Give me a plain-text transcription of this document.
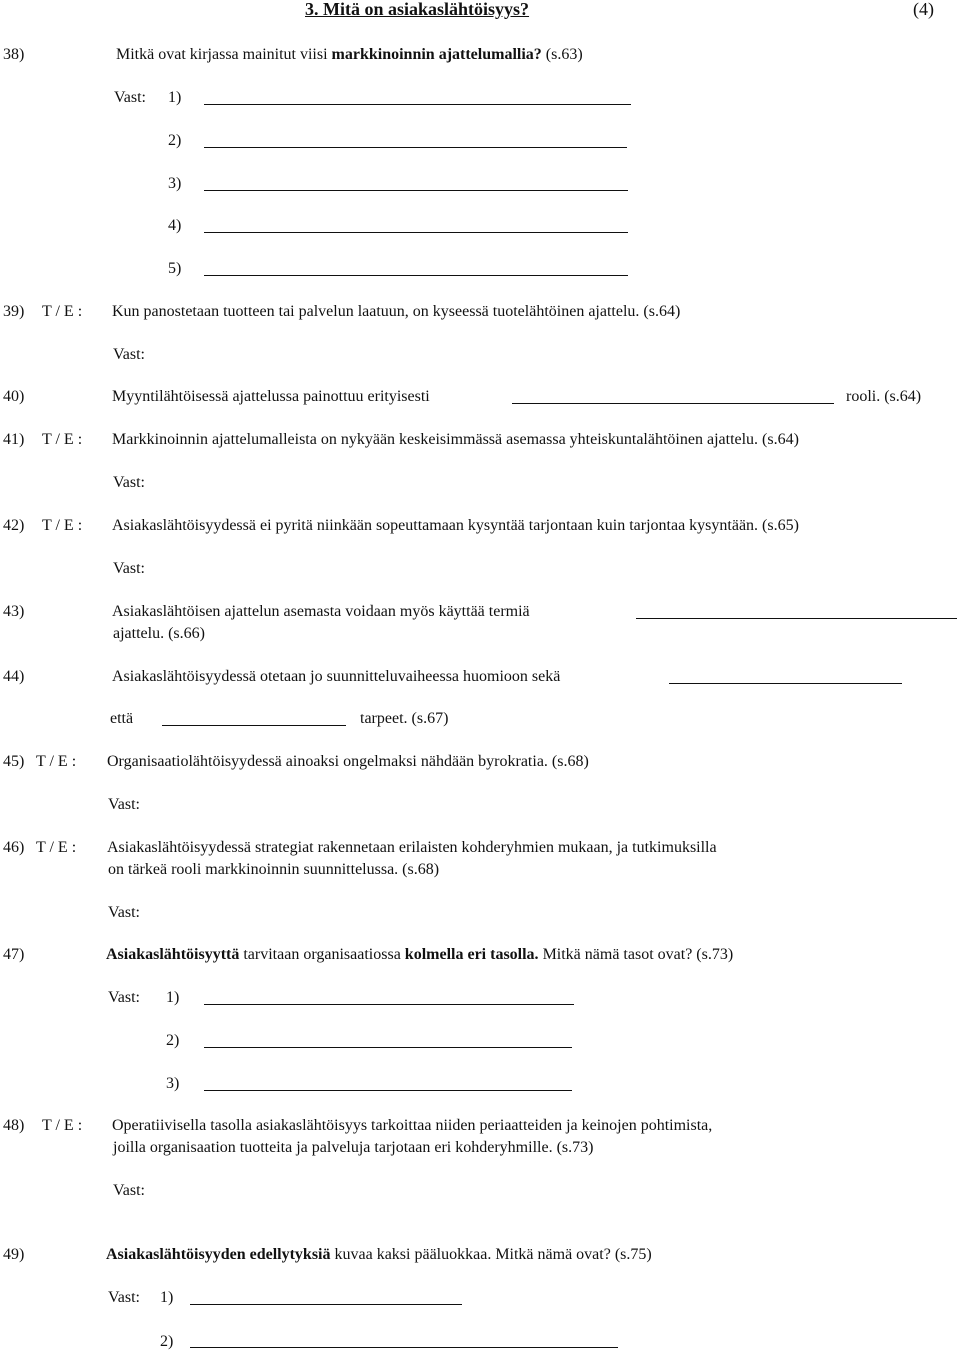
3. Mitä on asiakaslähtöisyys?	(4)
38)	Mitkä ovat kirjassa mainitut viisi markkinoinnin ajattelumallia? (s.63)
Vast: 1)
2)
3)
4)
5)
39) T / E : Kun panostetaan tuotteen tai palvelun laatuun, on kyseessä tuotelähtöinen ajattelu. (s.64)
Vast:
40)	Myyntilähtöisessä ajattelussa painottuu erityisesti	rooli. (s.64)
41) T / E : Markkinoinnin ajattelumalleista on nykyään keskeisimmässä asemassa yhteiskuntalähtöinen ajattelu. (s.64)
Vast:
42) T / E : Asiakaslähtöisyydessä ei pyritä niinkään sopeuttamaan kysyntää tarjontaan kuin tarjontaa kysyntään. (s.65)
Vast:
43)	Asiakaslähtöisen ajattelun asemasta voidaan myös käyttää termiä
ajattelu. (s.66)
44)	Asiakaslähtöisyydessä otetaan jo suunnitteluvaiheessa huomioon sekä
että	tarpeet. (s.67)
45) T / E : Organisaatiolähtöisyydessä ainoaksi ongelmaksi nähdään byrokratia. (s.68)
Vast:
46) T / E : Asiakaslähtöisyydessä strategiat rakennetaan erilaisten kohderyhmien mukaan, ja tutkimuksilla
on tärkeä rooli markkinoinnin suunnittelussa. (s.68)
Vast:
47)	Asiakaslähtöisyyttä tarvitaan organisaatiossa kolmella eri tasolla. Mitkä nämä tasot ovat? (s.73)
Vast: 1)
2)
3)
48) T / E : Operatiivisella tasolla asiakaslähtöisyys tarkoittaa niiden periaatteiden ja keinojen pohtimista,
joilla organisaation tuotteita ja palveluja tarjotaan eri kohderyhmille. (s.73)
Vast:
49)	Asiakaslähtöisyyden edellytyksiä kuvaa kaksi pääluokkaa. Mitkä nämä ovat? (s.75)
Vast: 1)
2)
